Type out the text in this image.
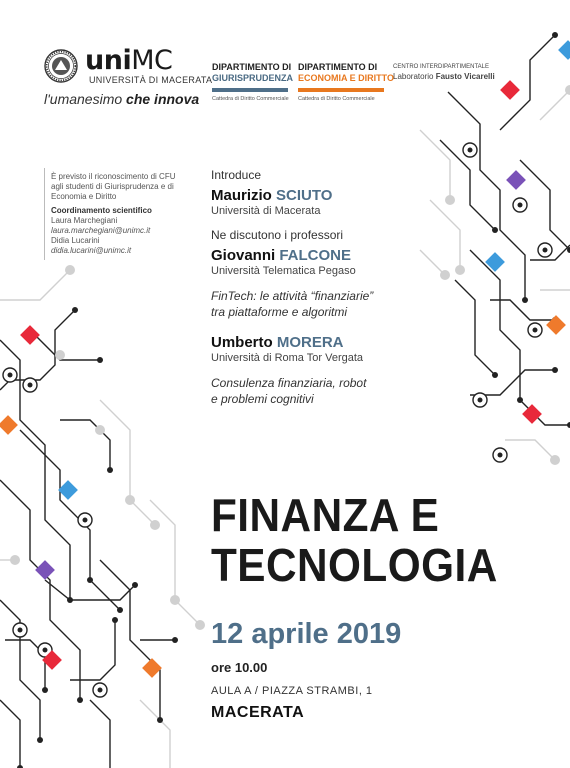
uniMC
UNIVERSITÀ DI MACERATA
l'umanesimo che innova
DIPARTIMENTO DI
GIURISPRUDENZA
Cattedra di Diritto Commerciale
DIPARTIMENTO DI
ECONOMIA E DIRITTO
Cattedra di Diritto Commerciale
CENTRO INTERDIPARTIMENTALE
Laboratorio Fausto Vicarelli
È previsto il riconoscimento di CFU
agli studenti di Giurisprudenza e di
Economia e Diritto
Coordinamento scientifico
Laura Marchegiani
laura.marchegiani@unimc.it
Didia Lucarini
didia.lucarini@unimc.it
Introduce
Maurizio SCIUTO
Università di Macerata
Ne discutono i professori
Giovanni FALCONE
Università Telematica Pegaso
FinTech: le attività “finanziarie”
tra piattaforme e algoritmi
Umberto MORERA
Università di Roma Tor Vergata
Consulenza finanziaria, robot
e problemi cognitivi
FINANZA E
TECNOLOGIA
12 aprile 2019
ore 10.00
AULA A / PIAZZA STRAMBI, 1
MACERATA
